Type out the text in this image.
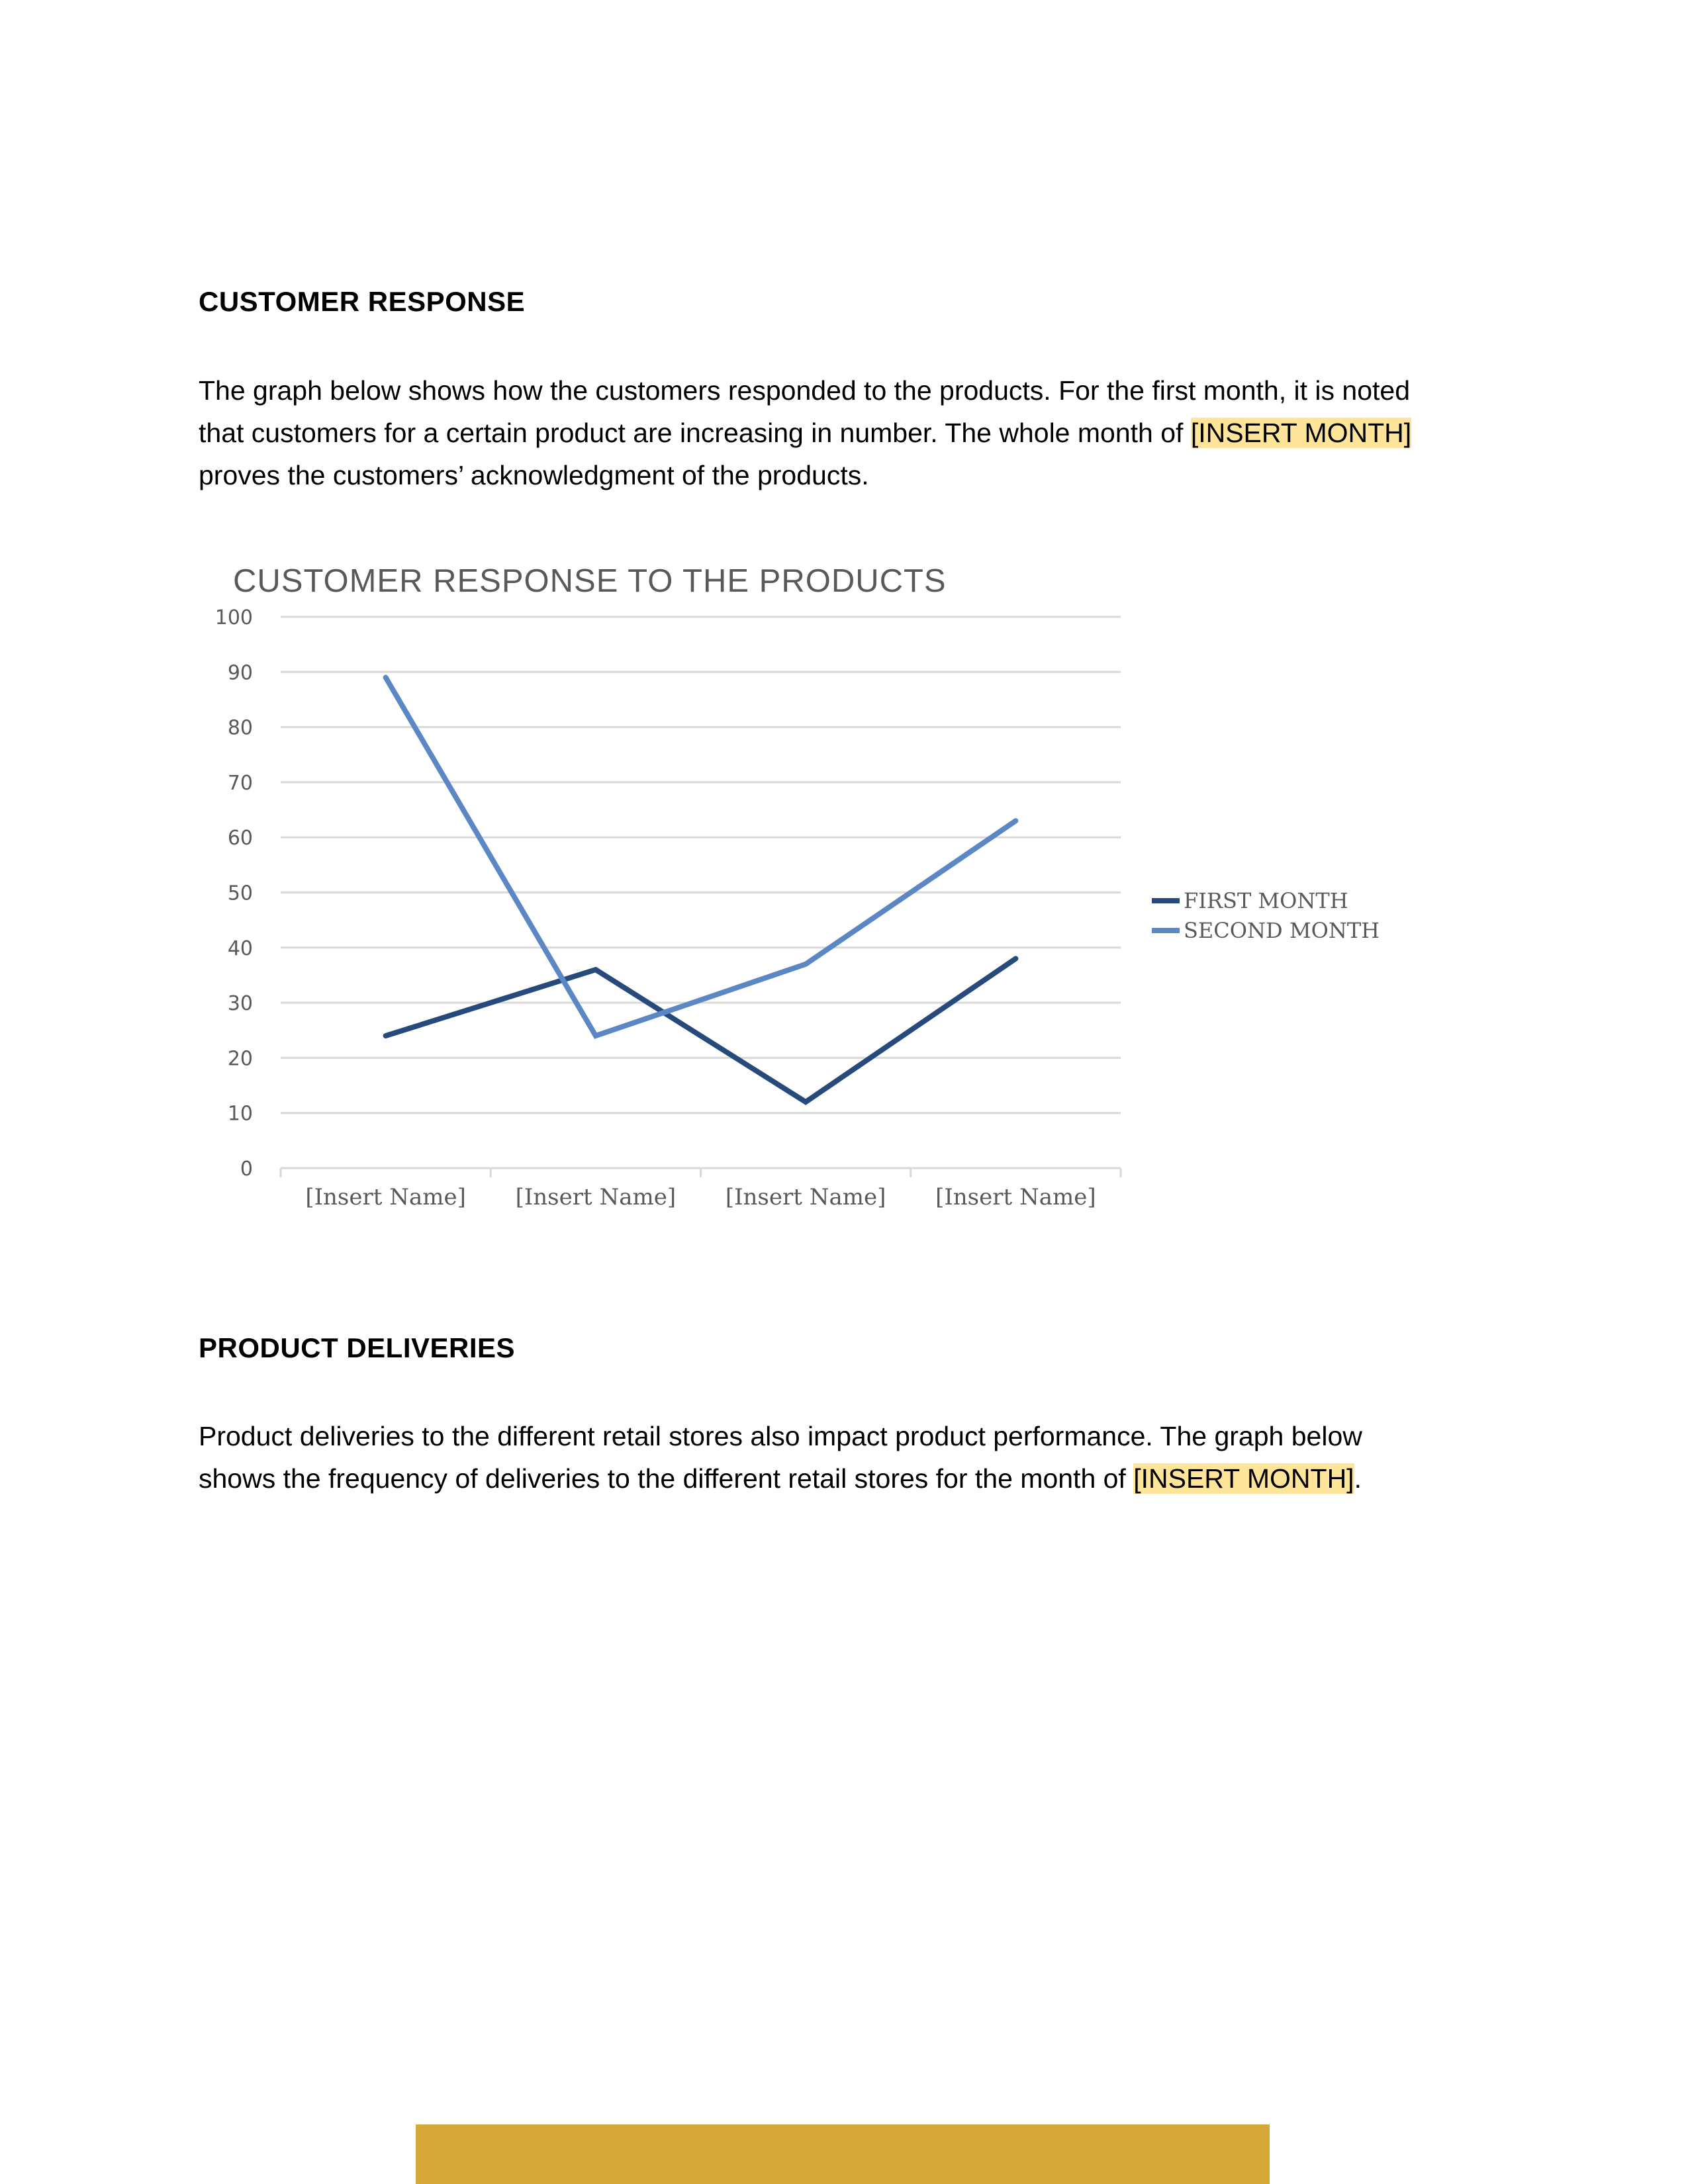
CUSTOMER RESPONSE

The graph below shows how the customers responded to the products. For the first month, it is noted
that customers for a certain product are increasing in number. The whole month of [INSERT MONTH]
proves the customers’ acknowledgment of the products.

CUSTOMER RESPONSE TO THE PRODUCTS
0
10
20
30
40
50
60
70
80
90
100
[Insert Name] [Insert Name] [Insert Name] [Insert Name]
FIRST MONTH
SECOND MONTH
PRODUCT DELIVERIES

Product deliveries to the different retail stores also impact product performance. The graph below
shows the frequency of deliveries to the different retail stores for the month of [INSERT MONTH].
